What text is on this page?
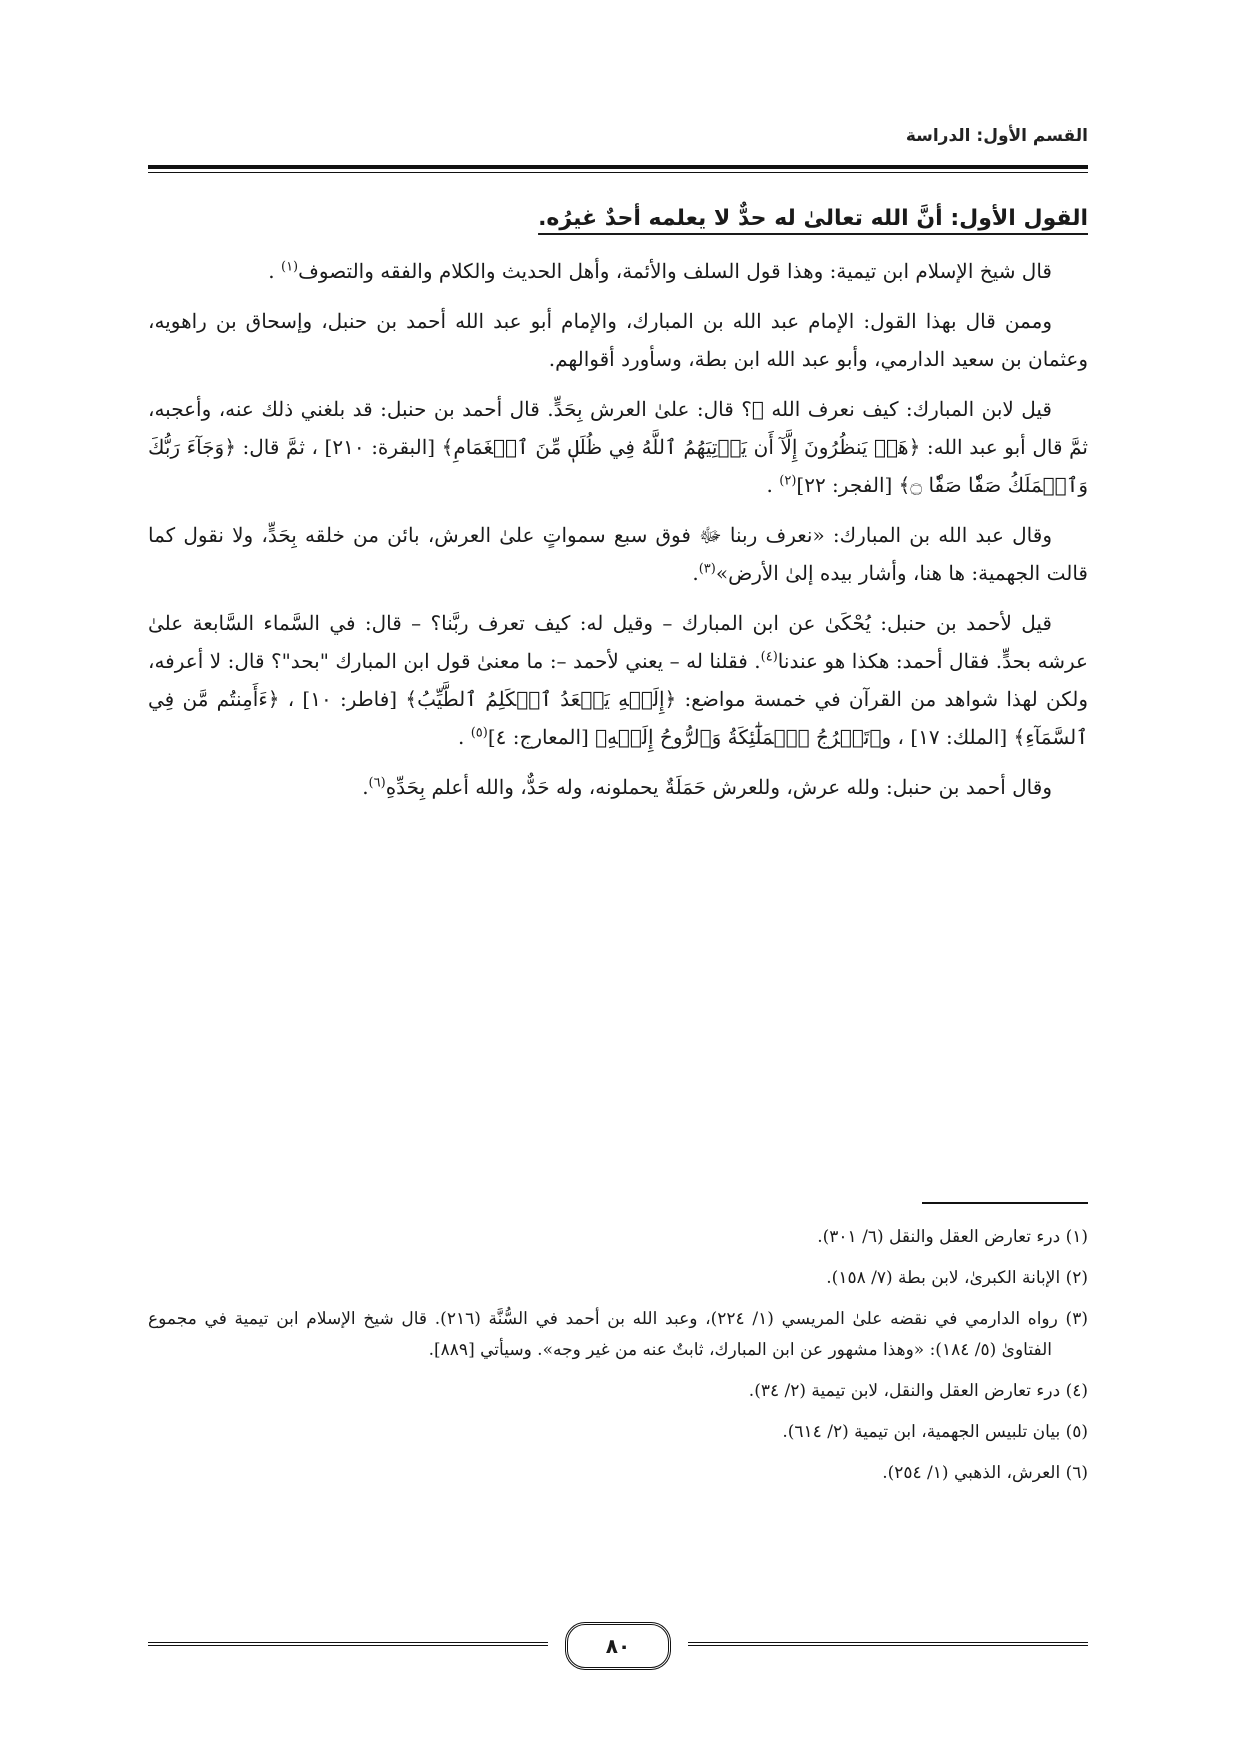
القسم الأول: الدراسة
القول الأول: أنَّ الله تعالىٰ له حدٌّ لا يعلمه أحدٌ غيرُه.

قال شيخ الإسلام ابن تيمية: وهذا قول السلف والأئمة، وأهل الحديث والكلام والفقه والتصوف$^{(١)}$ .

وممن قال بهذا القول: الإمام عبد الله بن المبارك، والإمام أبو عبد الله أحمد بن حنبل، وإسحاق بن راهويه، وعثمان بن سعيد الدارمي، وأبو عبد الله ابن بطة، وسأورد أقوالهم.

قيل لابن المبارك: كيف نعرف الله ﷻ؟ قال: علىٰ العرش بِحَدٍّ. قال أحمد بن حنبل: قد بلغني ذلك عنه، وأعجبه، ثمَّ قال أبو عبد الله: ﴿هَلۡ يَنظُرُونَ إِلَّآ أَن يَأۡتِيَهُمُ ٱللَّهُ فِي ظُلَلٖ مِّنَ ٱلۡغَمَامِ﴾ [البقرة: ٢١٠] ، ثمَّ قال: ﴿وَجَآءَ رَبُّكَ وَٱلۡمَلَكُ صَفّٗا صَفّٗا ۝﴾ [الفجر: ٢٢]$^{(٢)}$ .

وقال عبد الله بن المبارك: «نعرف ربنا ﷻ فوق سبع سمواتٍ علىٰ العرش، بائن من خلقه بِحَدٍّ، ولا نقول كما قالت الجهمية: ها هنا، وأشار بيده إلىٰ الأرض»$^{(٣)}$.

قيل لأحمد بن حنبل: يُحْكَىٰ عن ابن المبارك – وقيل له: كيف تعرف ربَّنا؟ – قال: في السَّماء السَّابعة علىٰ عرشه بحدٍّ. فقال أحمد: هكذا هو عندنا$^{(٤)}$. فقلنا له – يعني لأحمد –: ما معنىٰ قول ابن المبارك "بحد"؟ قال: لا أعرفه، ولكن لهذا شواهد من القرآن في خمسة مواضع: ﴿إِلَيۡهِ يَصۡعَدُ ٱلۡكَلِمُ ٱلطَّيِّبُ﴾ [فاطر: ١٠] ، ﴿ءَأَمِنتُم مَّن فِي ٱلسَّمَآءِ﴾ [الملك: ١٧] ، و﴿تَعۡرُجُ ٱلۡمَلَٰٓئِكَةُ وَٱلرُّوحُ إِلَيۡهِ﴾ [المعارج: ٤]$^{(٥)}$ .

وقال أحمد بن حنبل: ولله عرش، وللعرش حَمَلَةٌ يحملونه، وله حَدٌّ، والله أعلم بِحَدِّهِ$^{(٦)}$.

(١) درء تعارض العقل والنقل (٦/ ٣٠١).

(٢) الإبانة الكبرىٰ، لابن بطة (٧/ ١٥٨).

(٣) رواه الدارمي في نقضه علىٰ المريسي (١/ ٢٢٤)، وعبد الله بن أحمد في السُّنَّة (٢١٦). قال شيخ الإسلام ابن تيمية في مجموع الفتاوىٰ (٥/ ١٨٤): «وهذا مشهور عن ابن المبارك، ثابتٌ عنه من غير وجه». وسيأتي [٨٨٩].

(٤) درء تعارض العقل والنقل، لابن تيمية (٢/ ٣٤).

(٥) بيان تلبيس الجهمية، ابن تيمية (٢/ ٦١٤).

(٦) العرش، الذهبي (١/ ٢٥٤).

٨٠
